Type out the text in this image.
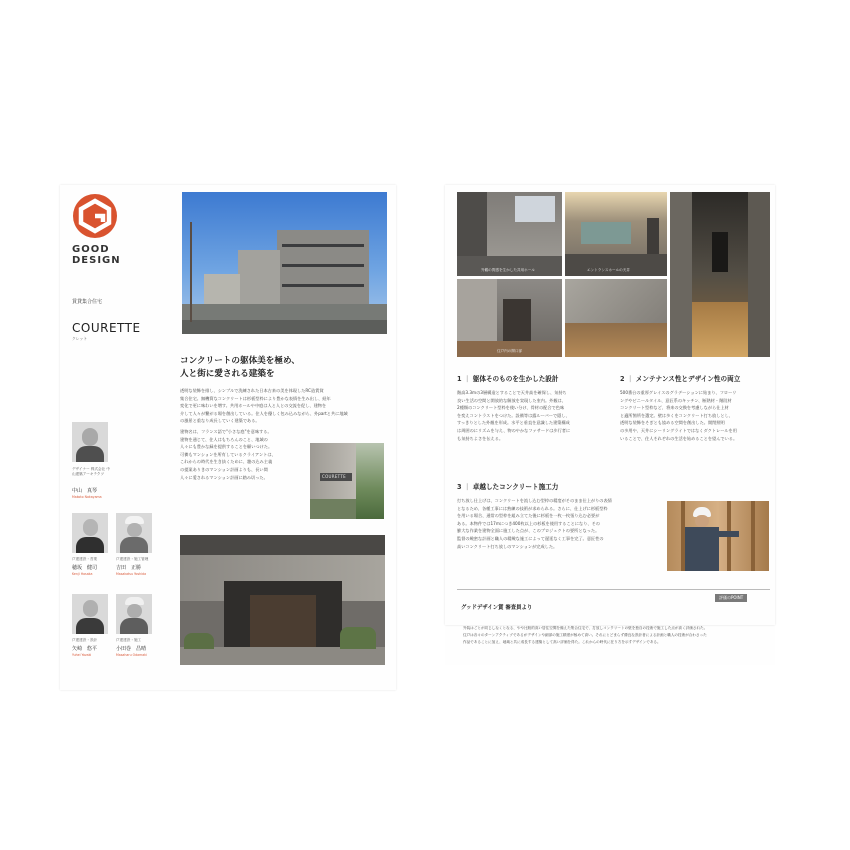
GOOD
DESIGN
賃貸集合住宅
COURETTE
クレット
コンクリートの躯体美を極め、
人と街に愛される建築を
透明な装飾を排し、シンプルで洗練された日本古来の美を体現したRC造賃貸
集合住宅。無機質なコンクリートは杉板型枠により豊かな表情を生み出し、経年
変化で更に味わいを増す。共用ホールや中庭は人と人との交流を促し、建物を
介して人々が繋がる場を創出している。住人を優しく包み込みながら、外partと共に地域
の風景と重なり成長していく建築である。
建物名は、フランス語で"小さな庭"を意味する。
建物を通じて、住人はもちろんのこと、地域の
人々にも豊かな緑を提供することを願いつけた。
可憐もマンションを所有しているクライアントは、
これからの時代を生き抜くために、趣の込み主義
の提案ありきのマンション計画よりも、長い間
人々に愛されるマンション計画に踏み切った。	COURETTE
デザイナー 株式会社 中山建築アーキテクツ
中山　真琴
Makoto Nakayama
戸建建設・営業
穂坂　健司
Kenji Hosaka
戸建建設・施工管理
吉田　正勝
Masakatsu Yoshida
戸建建設・設計
矢崎　悠平
Yuhei Yazaki
戸建建設・施工
小田巻　昌晴
Masaharu Odamaki
外観の質感を生かした共用ホール	エントランスホールの天井
住戸内の開口部
1 ｜ 躯体そのものを生かした設計
階高3.3mの3層構造とすることで天井高を確保し、気持ち
良い生活の空間と開放的な解放を実現した室内。外観は、
2種類のコンクリート型枠を使い分け、骨材の配合で色味
を変えコントラストをつけた。設備等は露ルーバーで隠し、
すっきりとした外観を形成。水平と垂直を意識した建築構成
は周囲のにリズムを与え、物のやかなファサードは歩行者に
も気持ちよさを伝える。
2 ｜ メンテナンス性とデザイン性の両立
500番台の重厚グレイスのグラデーションに始まり、フローリ
ングやビニールタイル、意匠系のキッチン、断熱材・階段材
コンクリート型枠など、将来の交換を考慮しながら仕上材
と適所箇所を選定。壁は多くをコンクリート打ち放しとし、
透明な装飾をそぎとも協める空間を創出した。開閉照明
の多用や、天井にシーリングライトではなくダクトレールを用
いることで、住人それぞれの生活を始めることを望んでいる。
3 ｜ 卓越したコンクリート施工力
打ち放し仕上げは、コンクリートを流し込む型枠の精度がそのまま仕上がりの表情
となるため、各種工事には熟練の技術が求められる。さらに、仕上げに杉板型枠
を用いる場合、通常の型枠を組み立てた後に杉板を一枚一枚張り込む必要が
ある。本物件では17mにつき400枚以上の杉板を使用することになり、その
膨大な作業を建物全面に施工した点が、このプロジェクトの要所となった。
監督の緻密な計画と職人の精緻な施工によって遅延なく工事を完了。意匠性の
高いコンクリート打ち放しのマンションが完成した。
評価のPOINT
グッドデザイン賞 審査員より
外装はごとが同じしなくとなる、やや比較的高い居住空間を備えた集合住宅で、打放しコンクリートの壁を独自の技術で施工した点が高く評価された。
住戸は各々のターンアクティブであるがデザインや細部の施工精度が極めて高い。それにとどまらず優良な設計者による計画と職人の技術が合わさった
作品であることに加え、地域と共に成長する建築として高い評価を得た。これからの時代に在り方を示すデザインである。
